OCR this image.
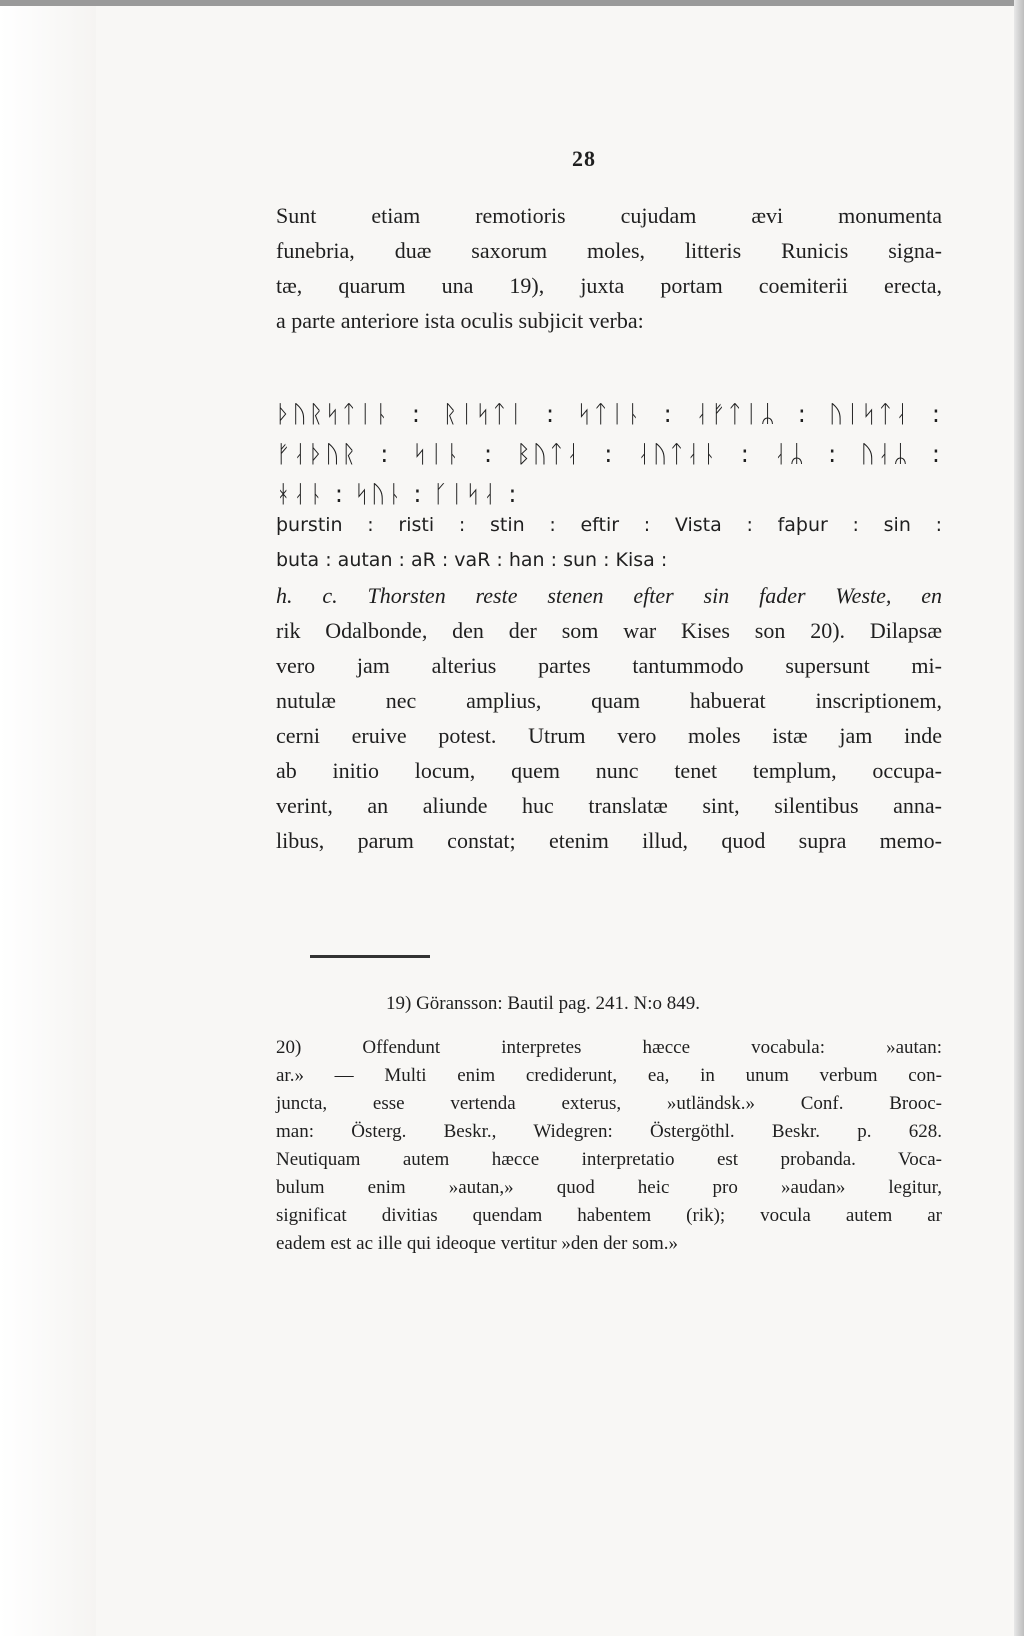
28
Sunt etiam remotioris cujudam ævi monumenta
funebria, duæ saxorum moles, litteris Runicis signa-
tæ, quarum una 19), juxta portam coemiterii erecta,
a parte anteriore ista oculis subjicit verba:
ᚦᚢᚱᛋᛏᛁᚿ : ᚱᛁᛋᛏᛁ : ᛋᛏᛁᚿ : ᛆᚠᛏᛁᛦ : ᚢᛁᛋᛏᛆ :
ᚠᛆᚦᚢᚱ : ᛋᛁᚿ : ᛒᚢᛏᛆ : ᛆᚢᛏᛆᚿ : ᛆᛦ : ᚢᛆᛦ :
ᚼᛆᚿ : ᛋᚢᚿ : ᚴᛁᛋᛆ :
þurstin : risti : stin : eftir : Vista : faþur : sin :
buta : autan : aR : vaR : han : sun : Kisa :
h. c. Thorsten reste stenen efter sin fader Weste, en
rik Odalbonde, den der som war Kises son 20). Dilapsæ
vero jam alterius partes tantummodo supersunt mi-
nutulæ nec amplius, quam habuerat inscriptionem,
cerni eruive potest. Utrum vero moles istæ jam inde
ab initio locum, quem nunc tenet templum, occupa-
verint, an aliunde huc translatæ sint, silentibus anna-
libus, parum constat; etenim illud, quod supra memo-

19) Göransson: Bautil pag. 241. N:o 849.

20) Offendunt interpretes hæcce vocabula: »autan:
ar.» — Multi enim crediderunt, ea, in unum verbum con-
juncta, esse vertenda exterus, »utländsk.» Conf. Brooc-
man: Österg. Beskr., Widegren: Östergöthl. Beskr. p. 628.
Neutiquam autem hæcce interpretatio est probanda. Voca-
bulum enim »autan,» quod heic pro »audan» legitur,
significat divitias quendam habentem (rik); vocula autem ar
eadem est ac ille qui ideoque vertitur »den der som.»
